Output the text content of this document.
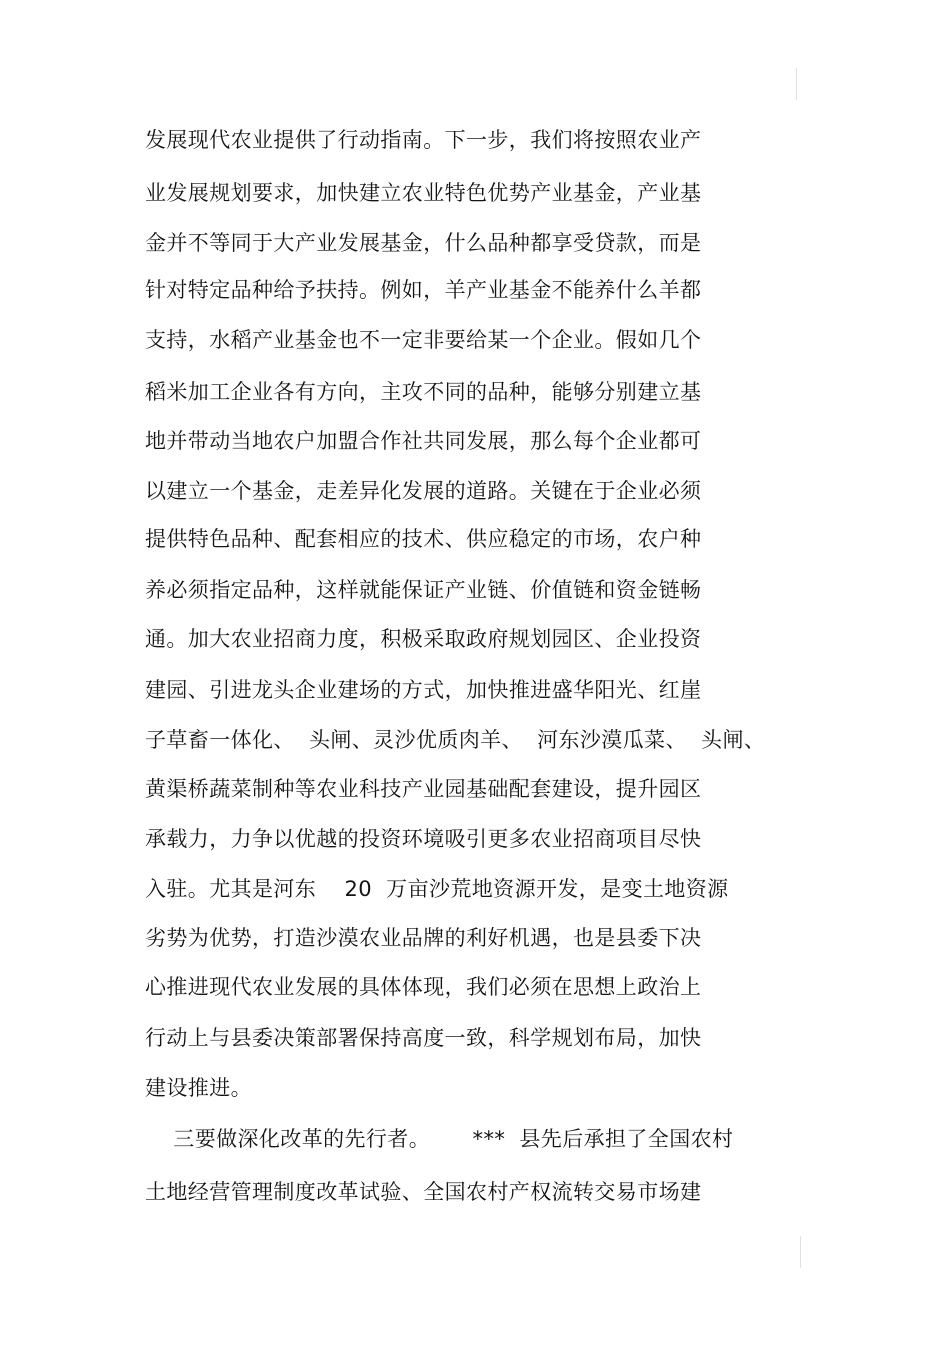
发展现代农业提供了行动指南。下一步，我们将按照农业产
业发展规划要求，加快建立农业特色优势产业基金，产业基
金并不等同于大产业发展基金，什么品种都享受贷款，而是
针对特定品种给予扶持。例如，羊产业基金不能养什么羊都
支持，水稻产业基金也不一定非要给某一个企业。假如几个
稻米加工企业各有方向，主攻不同的品种，能够分别建立基
地并带动当地农户加盟合作社共同发展，那么每个企业都可
以建立一个基金，走差异化发展的道路。关键在于企业必须
提供特色品种、配套相应的技术、供应稳定的市场，农户种
养必须指定品种，这样就能保证产业链、价值链和资金链畅
通。加大农业招商力度，积极采取政府规划园区、企业投资
建园、引进龙头企业建场的方式，加快推进盛华阳光、红崖
子草畜一体化、  头闸、灵沙优质肉羊、  河东沙漠瓜菜、  头闸、
黄渠桥蔬菜制种等农业科技产业园基础配套建设，提升园区
承载力，力争以优越的投资环境吸引更多农业招商项目尽快
入驻。尤其是河东    20  万亩沙荒地资源开发，是变土地资源
劣势为优势，打造沙漠农业品牌的利好机遇，也是县委下决
心推进现代农业发展的具体体现，我们必须在思想上政治上
行动上与县委决策部署保持高度一致，科学规划布局，加快
建设推进。
三要做深化改革的先行者。      ***  县先后承担了全国农村
土地经营管理制度改革试验、全国农村产权流转交易市场建
